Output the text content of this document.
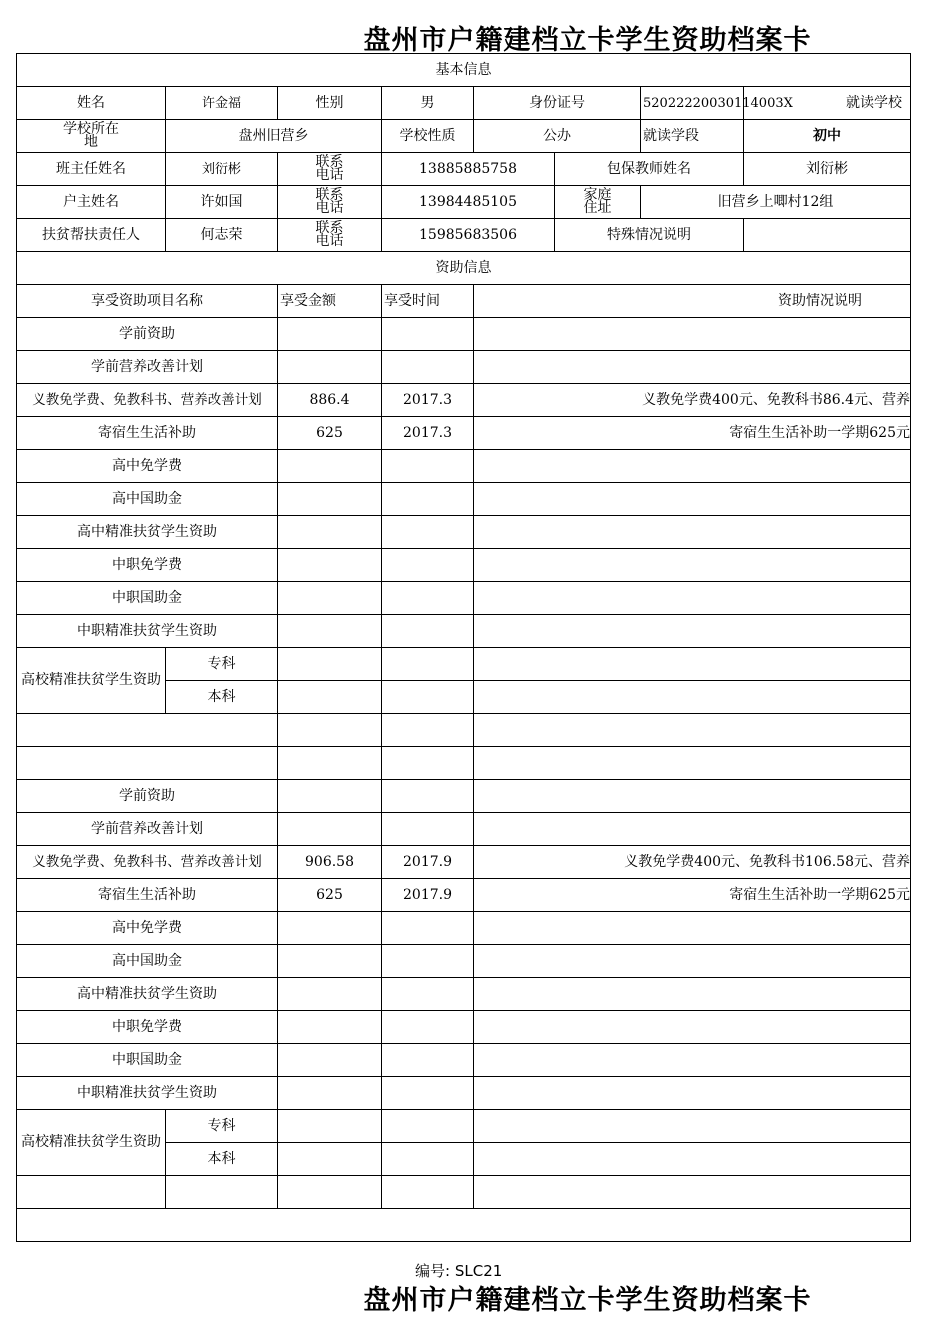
盘州市户籍建档立卡学生资助档案卡
基本信息							
姓名	许金福	性别	男	身份证号		52022220030114003X	就读学校
学校所在地	盘州旧营乡		学校性质	公办		就读学段	初中
班主任姓名	刘衍彬	联系电话	13885885758		包保教师姓名		刘衍彬
户主姓名	许如国	联系电话	13984485105		家庭住址	旧营乡上唧村12组	
扶贫帮扶责任人	何志荣	联系电话	15985683506		特殊情况说明		
资助信息							
享受资助项目名称		享受金额	享受时间	资助情况说明			
学前资助							
学前营养改善计划							
义教免学费、免教科书、营养改善计划		886.4	2017.3	义教免学费400元、免教科书86.4元、营养			
寄宿生生活补助		625	2017.3	寄宿生生活补助一学期625元			
高中免学费							
高中国助金							
高中精准扶贫学生资助							
中职免学费							
中职国助金							
中职精准扶贫学生资助							
高校精准扶贫学生资助	专科						
	本科						

学前资助							
学前营养改善计划							
义教免学费、免教科书、营养改善计划		906.58	2017.9	义教免学费400元、免教科书106.58元、营养			
寄宿生生活补助		625	2017.9	寄宿生生活补助一学期625元			
高中免学费							
高中国助金							
高中精准扶贫学生资助							
中职免学费							
中职国助金							
中职精准扶贫学生资助							
高校精准扶贫学生资助	专科						
	本科						

编号: SLC21
盘州市户籍建档立卡学生资助档案卡
